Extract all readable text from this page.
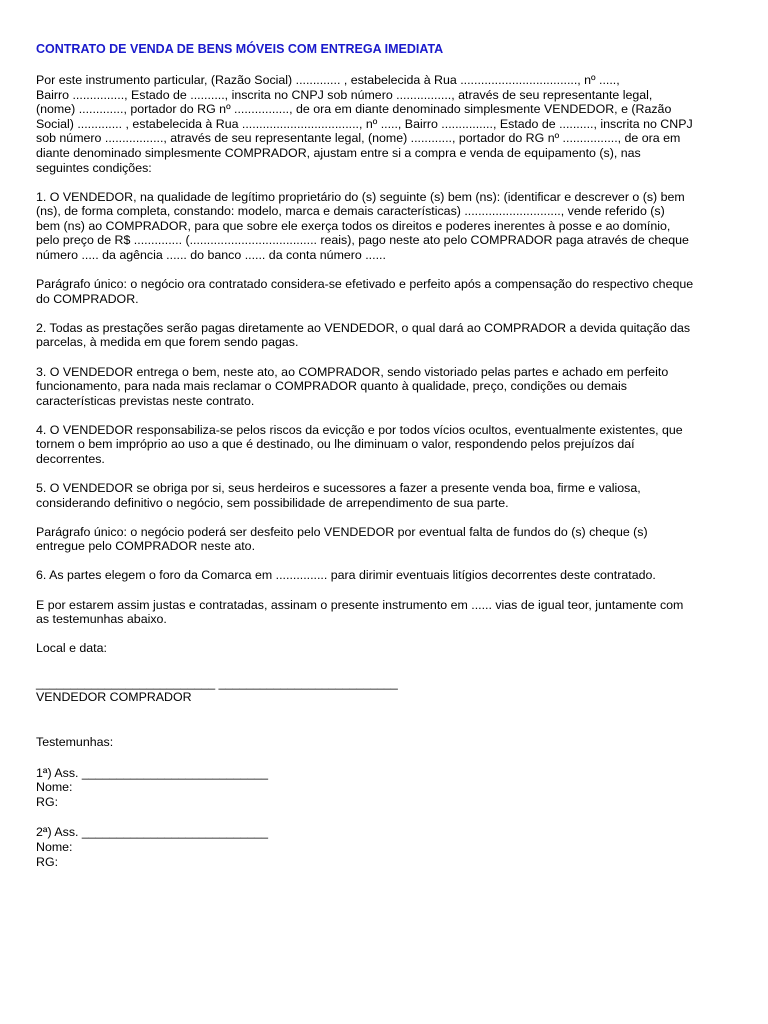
CONTRATO DE VENDA DE BENS MÓVEIS COM ENTREGA IMEDIATA
Por este instrumento particular, (Razão Social) ............. , estabelecida à Rua .................................., nº .....,
Bairro ..............., Estado de .........., inscrita no CNPJ sob número ................, através de seu representante legal,
(nome) ............., portador do RG nº ................, de ora em diante denominado simplesmente VENDEDOR, e (Razão
Social) ............. , estabelecida à Rua .................................., nº ....., Bairro ..............., Estado de .........., inscrita no CNPJ
sob número ................., através de seu representante legal, (nome) ............, portador do RG nº ................, de ora em
diante denominado simplesmente COMPRADOR, ajustam entre si a compra e venda de equipamento (s), nas
seguintes condições:
1. O VENDEDOR, na qualidade de legítimo proprietário do (s) seguinte (s) bem (ns): (identificar e descrever o (s) bem
(ns), de forma completa, constando: modelo, marca e demais características) ............................, vende referido (s)
bem (ns) ao COMPRADOR, para que sobre ele exerça todos os direitos e poderes inerentes à posse e ao domínio,
pelo preço de R$ .............. (..................................... reais), pago neste ato pelo COMPRADOR paga através de cheque
número ..... da agência ...... do banco ...... da conta número ......
Parágrafo único: o negócio ora contratado considera-se efetivado e perfeito após a compensação do respectivo cheque
do COMPRADOR.
2. Todas as prestações serão pagas diretamente ao VENDEDOR, o qual dará ao COMPRADOR a devida quitação das
parcelas, à medida em que forem sendo pagas.
3. O VENDEDOR entrega o bem, neste ato, ao COMPRADOR, sendo vistoriado pelas partes e achado em perfeito
funcionamento, para nada mais reclamar o COMPRADOR quanto à qualidade, preço, condições ou demais
características previstas neste contrato.
4. O VENDEDOR responsabiliza-se pelos riscos da evicção e por todos vícios ocultos, eventualmente existentes, que
tornem o bem impróprio ao uso a que é destinado, ou lhe diminuam o valor, respondendo pelos prejuízos daí
decorrentes.
5. O VENDEDOR se obriga por si, seus herdeiros e sucessores a fazer a presente venda boa, firme e valiosa,
considerando definitivo o negócio, sem possibilidade de arrependimento de sua parte.
Parágrafo único: o negócio poderá ser desfeito pelo VENDEDOR por eventual falta de fundos do (s) cheque (s)
entregue pelo COMPRADOR neste ato.
6. As partes elegem o foro da Comarca em ............... para dirimir eventuais litígios decorrentes deste contratado.
E por estarem assim justas e contratadas, assinam o presente instrumento em ...... vias de igual teor, juntamente com
as testemunhas abaixo.
Local e data:
__________________________ __________________________
VENDEDOR COMPRADOR
Testemunhas:
1ª) Ass. ___________________________
Nome:
RG:
2ª) Ass. ___________________________
Nome:
RG:
